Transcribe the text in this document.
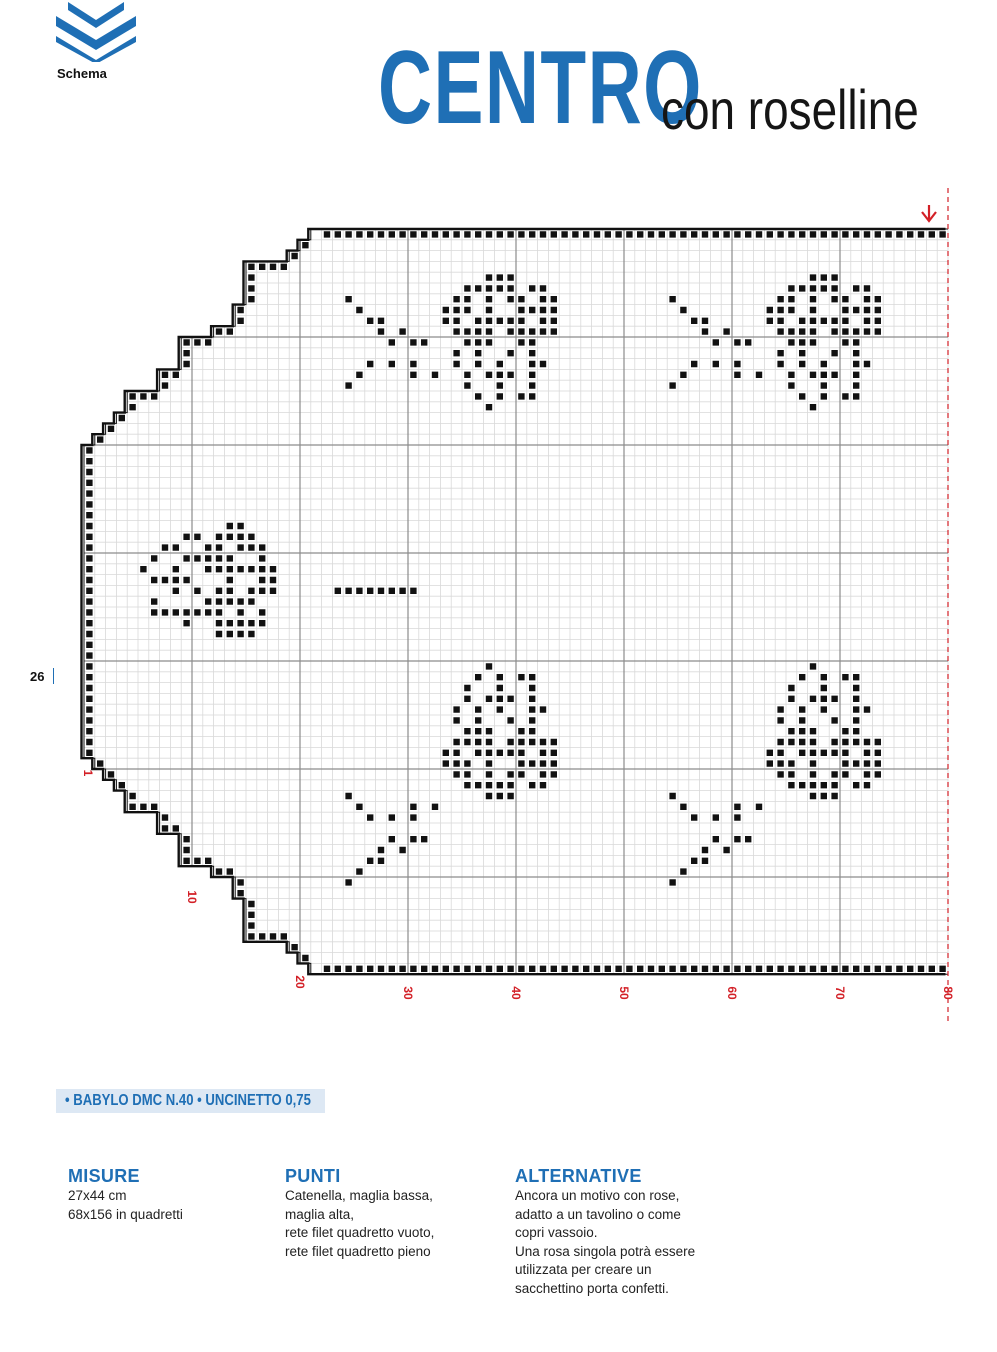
Schema	CENTRO
con roselline
26
10
20
30	40	50	60	70	80
1
• BABYLO DMC N.40 • UNCINETTO 0,75
MISURE
27x44 cm
68x156 in quadretti
PUNTI
Catenella, maglia bassa,
maglia alta,
rete filet quadretto vuoto,
rete filet quadretto pieno
ALTERNATIVE
Ancora un motivo con rose,
adatto a un tavolino o come
copri vassoio.
Una rosa singola potrà essere
utilizzata per creare un
sacchettino porta confetti.
